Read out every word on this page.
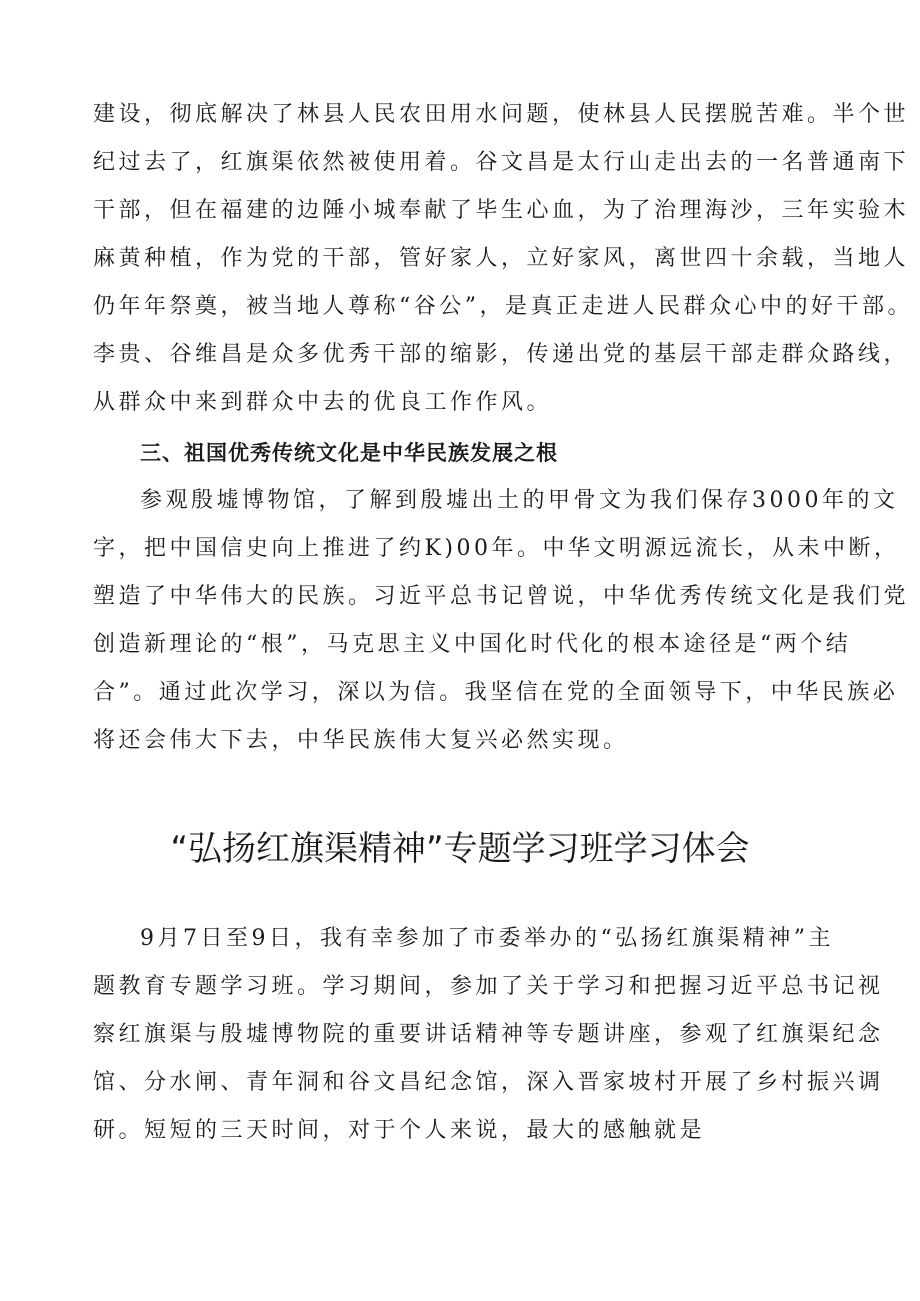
建设，彻底解决了林县人民农田用水问题，使林县人民摆脱苦难。半个世
纪过去了，红旗渠依然被使用着。谷文昌是太行山走出去的一名普通南下
干部，但在福建的边陲小城奉献了毕生心血，为了治理海沙，三年实验木
麻黄种植，作为党的干部，管好家人，立好家风，离世四十余载，当地人
仍年年祭奠，被当地人尊称“谷公”，是真正走进人民群众心中的好干部。
李贵、谷维昌是众多优秀干部的缩影，传递出党的基层干部走群众路线，
从群众中来到群众中去的优良工作作风。
三、祖国优秀传统文化是中华民族发展之根
参观殷墟博物馆，了解到殷墟出土的甲骨文为我们保存3000年的文
字，把中国信史向上推进了约K)00年。中华文明源远流长，从未中断，
塑造了中华伟大的民族。习近平总书记曾说，中华优秀传统文化是我们党
创造新理论的“根”，马克思主义中国化时代化的根本途径是“两个结
合”。通过此次学习，深以为信。我坚信在党的全面领导下，中华民族必
将还会伟大下去，中华民族伟大复兴必然实现。
“弘扬红旗渠精神”专题学习班学习体会
9月7日至9日，我有幸参加了市委举办的“弘扬红旗渠精神”主
题教育专题学习班。学习期间，参加了关于学习和把握习近平总书记视
察红旗渠与殷墟博物院的重要讲话精神等专题讲座，参观了红旗渠纪念
馆、分水闸、青年洞和谷文昌纪念馆，深入晋家坡村开展了乡村振兴调
研。短短的三天时间，对于个人来说，最大的感触就是
